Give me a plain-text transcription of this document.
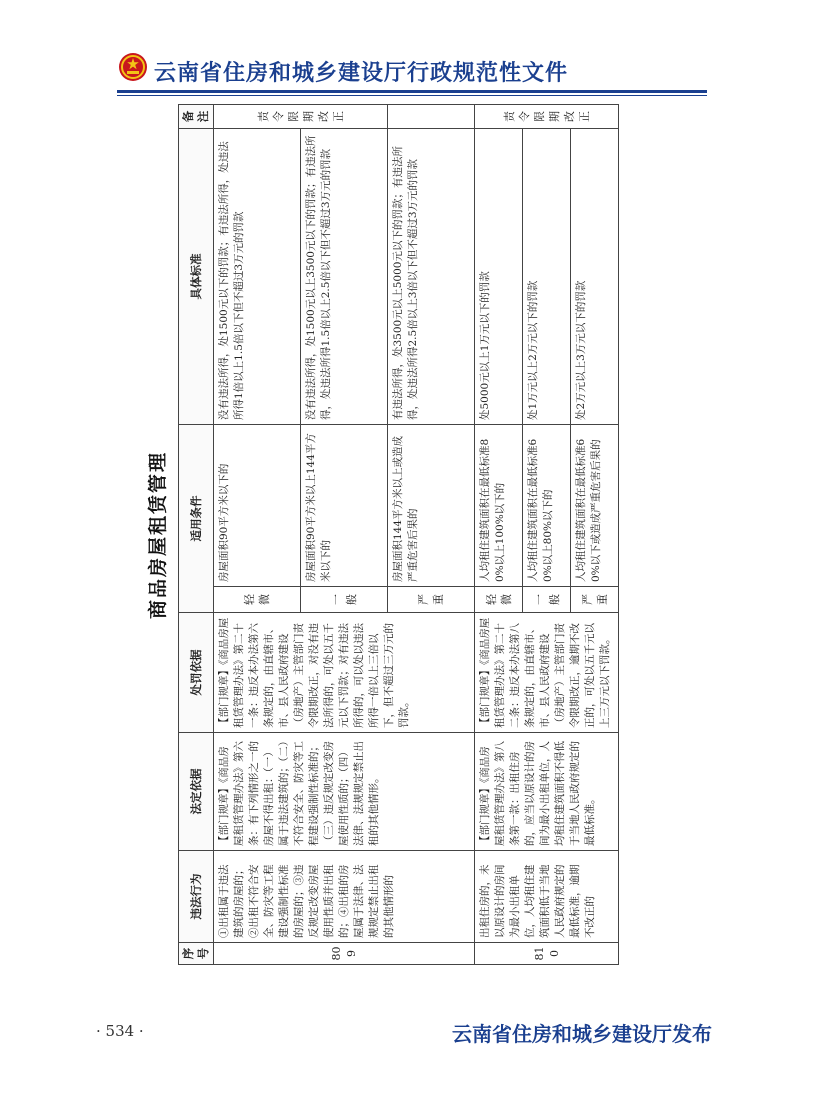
云南省住房和城乡建设厅行政规范性文件
商品房屋租赁管理
序号	违法行为	法定依据	处罚依据	适用条件		具体标准	备注
809	①出租属于违法建筑的房屋的；②出租不符合安全、防灾等工程建设强制性标准的房屋的；③违反规定改变房屋使用性质并出租的；④出租的房屋属于法律、法规规定禁止出租的其他情形的	【部门规章】《商品房屋租赁管理办法》第六条：有下列情形之一的房屋不得出租：（一）属于违法建筑的；（二）不符合安全、防灾等工程建设强制性标准的；（三）违反规定改变房屋使用性质的；（四）法律、法规规定禁止出租的其他情形。	【部门规章】《商品房屋租赁管理办法》第二十一条：违反本办法第六条规定的，由直辖市、市、县人民政府建设（房地产）主管部门责令限期改正，对没有违法所得的，可处以五千元以下罚款；对有违法所得的，可以处以违法所得一倍以上三倍以下，但不超过三万元的罚款。	轻微	房屋面积90平方米以下的	没有违法所得，处1500元以下的罚款；有违法所得，处违法所得1倍以上1.5倍以下但不超过3万元的罚款	责令限期改正
				一般	房屋面积90平方米以上144平方米以下的	没有违法所得，处1500元以上3500元以下的罚款；有违法所得，处违法所得1.5倍以上2.5倍以下但不超过3万元的罚款	
				严重	房屋面积144平方米以上或造成严重危害后果的	有违法所得，处3500元以上5000元以下的罚款；有违法所得，处违法所得2.5倍以上3倍以下但不超过3万元的罚款	
810	出租住房的，未以原设计的房间为最小出租单位，人均租住建筑面积低于当地人民政府规定的最低标准，逾期不改正的	【部门规章】《商品房屋租赁管理办法》第八条第一款：出租住房的，应当以原设计的房间为最小出租单位，人均租住建筑面积不得低于当地人民政府规定的最低标准。	【部门规章】《商品房屋租赁管理办法》第二十二条：违反本办法第八条规定的，由直辖市、市、县人民政府建设（房地产）主管部门责令限期改正，逾期不改正的，可处以五千元以上三万元以下罚款。	轻微	人均租住建筑面积在最低标准80%以上100%以下的	处5000元以上1万元以下的罚款	责令限期改正
				一般	人均租住建筑面积在最低标准60%以上80%以下的	处1万元以上2万元以下的罚款	
				严重	人均租住建筑面积在最低标准60%以下或造成严重危害后果的	处2万元以上3万元以下的罚款	
· 534 ·	云南省住房和城乡建设厅发布
